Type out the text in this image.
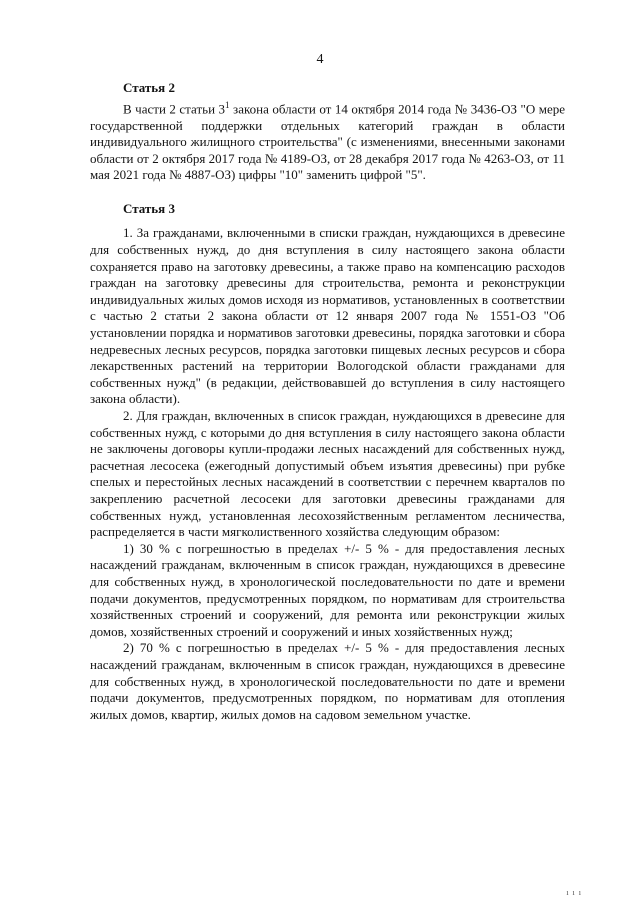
4
Статья 2

В части 2 статьи $3^1$ закона области от 14 октября 2014 года № 3436-ОЗ "О мере государственной поддержки отдельных категорий граждан в области индивидуального жилищного строительства" (с изменениями, внесенными законами области от 2 октября 2017 года № 4189-ОЗ, от 28 декабря 2017 года № 4263-ОЗ, от 11 мая 2021 года № 4887-ОЗ) цифры "10" заменить цифрой "5".

Статья 3

1. За гражданами, включенными в списки граждан, нуждающихся в древесине для собственных нужд, до дня вступления в силу настоящего закона области сохраняется право на заготовку древесины, а также право на компенсацию расходов граждан на заготовку древесины для строительства, ремонта и реконструкции индивидуальных жилых домов исходя из нормативов, установленных в соответствии с частью 2 статьи 2 закона области от 12 января 2007 года № 1551-ОЗ "Об установлении порядка и нормативов заготовки древесины, порядка заготовки и сбора недревесных лесных ресурсов, порядка заготовки пищевых лесных ресурсов и сбора лекарственных растений на территории Вологодской области гражданами для собственных нужд" (в редакции, действовавшей до вступления в силу настоящего закона области).

2. Для граждан, включенных в список граждан, нуждающихся в древесине для собственных нужд, с которыми до дня вступления в силу настоящего закона области не заключены договоры купли-продажи лесных насаждений для собственных нужд, расчетная лесосека (ежегодный допустимый объем изъятия древесины) при рубке спелых и перестойных лесных насаждений в соответствии с перечнем кварталов по закреплению расчетной лесосеки для заготовки древесины гражданами для собственных нужд, установленная лесохозяйственным регламентом лесничества, распределяется в части мягколиственного хозяйства следующим образом:

1) 30 % с погрешностью в пределах +/- 5 % - для предоставления лесных насаждений гражданам, включенным в список граждан, нуждающихся в древесине для собственных нужд, в хронологической последовательности по дате и времени подачи документов, предусмотренных порядком, по нормативам для строительства хозяйственных строений и сооружений, для ремонта или реконструкции жилых домов, хозяйственных строений и сооружений и иных хозяйственных нужд;

2) 70 % с погрешностью в пределах +/- 5 % - для предоставления лесных насаждений гражданам, включенным в список граждан, нуждающихся в древесине для собственных нужд, в хронологической последовательности по дате и времени подачи документов, предусмотренных порядком, по нормативам для отопления жилых домов, квартир, жилых домов на садовом земельном участке.

ı ı ı
